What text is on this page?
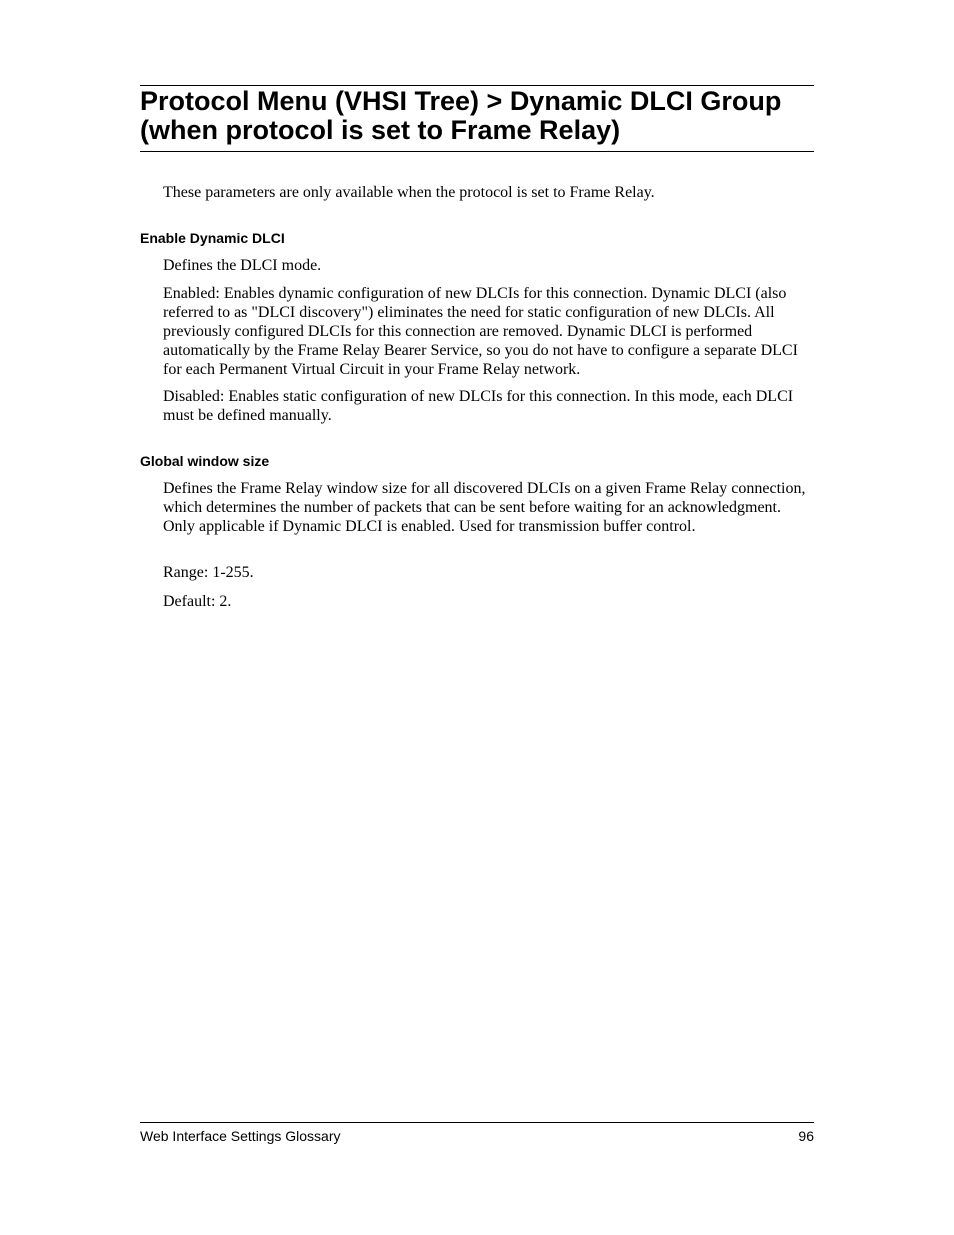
Protocol Menu (VHSI Tree) > Dynamic DLCI Group (when protocol is set to Frame Relay)

These parameters are only available when the protocol is set to Frame Relay.

Enable Dynamic DLCI

Defines the DLCI mode.

Enabled: Enables dynamic configuration of new DLCIs for this connection. Dynamic DLCI (also referred to as "DLCI discovery") eliminates the need for static configuration of new DLCIs. All previously configured DLCIs for this connection are removed. Dynamic DLCI is performed automatically by the Frame Relay Bearer Service, so you do not have to configure a separate DLCI for each Permanent Virtual Circuit in your Frame Relay network.

Disabled: Enables static configuration of new DLCIs for this connection. In this mode, each DLCI must be defined manually.

Global window size

Defines the Frame Relay window size for all discovered DLCIs on a given Frame Relay connection, which determines the number of packets that can be sent before waiting for an acknowledgment. Only applicable if Dynamic DLCI is enabled. Used for transmission buffer control.

Range: 1-255.

Default: 2.

Web Interface Settings Glossary	96
